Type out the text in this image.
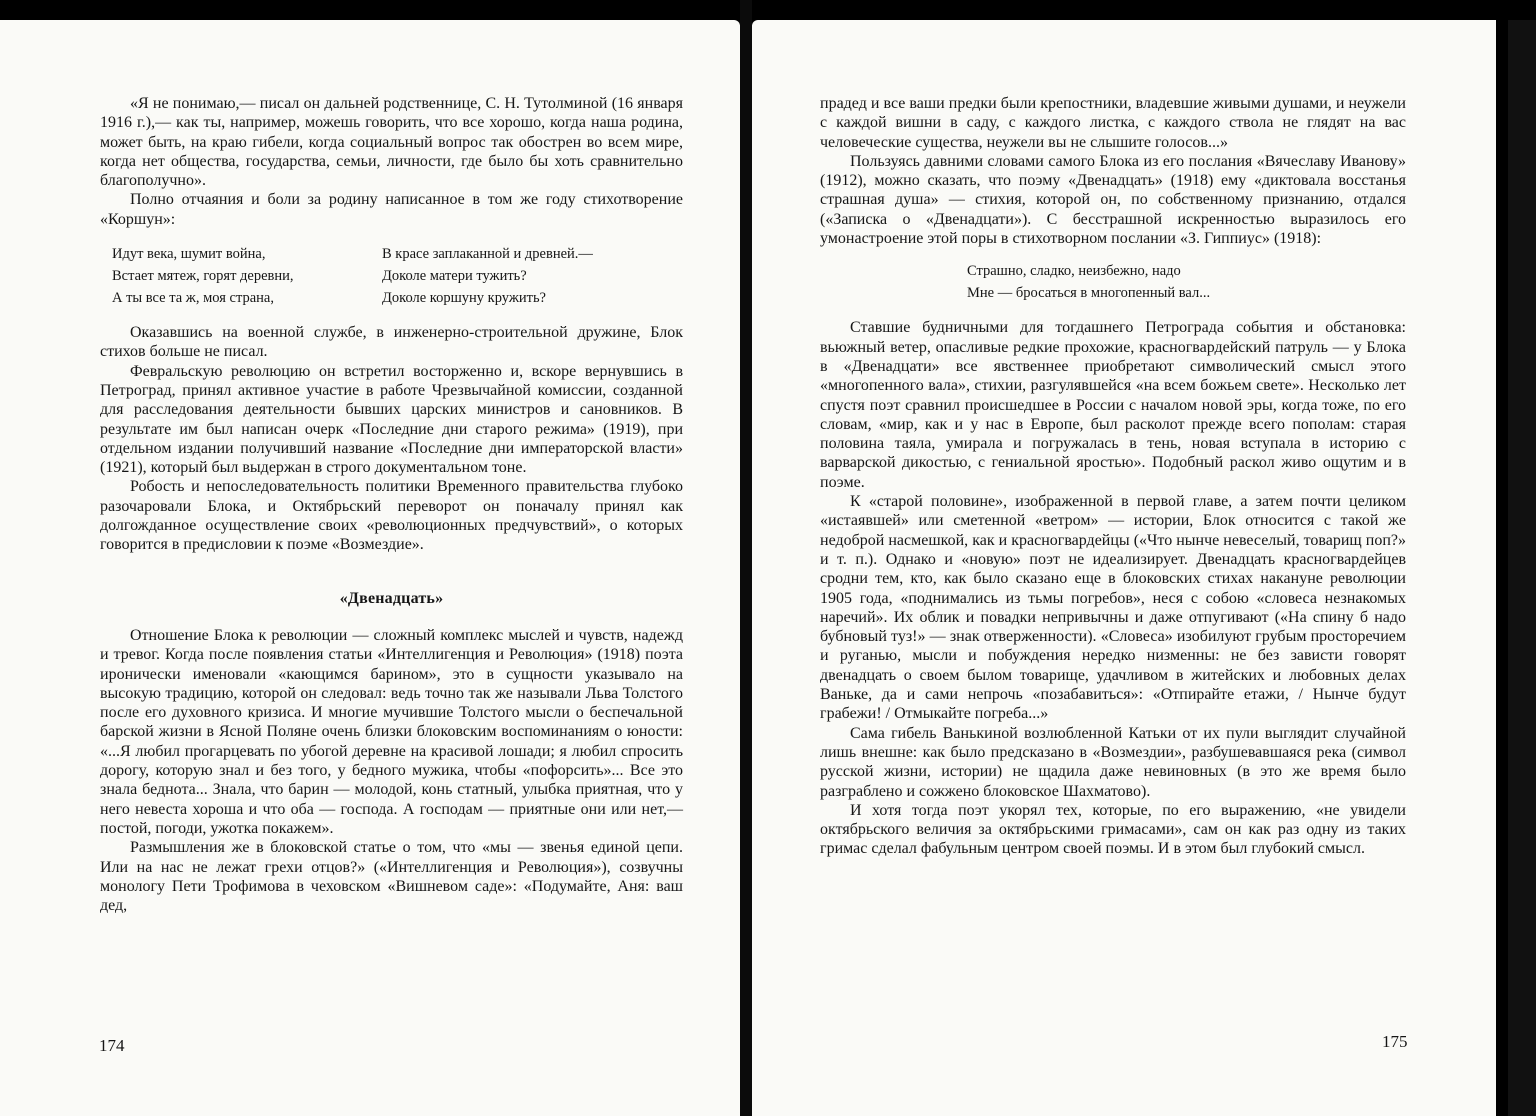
«Я не понимаю,— писал он дальней родственнице, С. Н. Тутолминой (16 января 1916 г.),— как ты, например, можешь говорить, что все хорошо, когда наша родина, может быть, на краю гибели, когда социальный вопрос так обострен во всем мире, когда нет общества, государства, семьи, личности, где было бы хоть сравнительно благополучно».

Полно отчаяния и боли за родину написанное в том же году стихотворение «Коршун»:

Идут века, шумит война,	В красе заплаканной и древней.—
Встает мятеж, горят деревни,	Доколе матери тужить?
А ты все та ж, моя страна,	Доколе коршуну кружить?

Оказавшись на военной службе, в инженерно-строительной дружине, Блок стихов больше не писал.

Февральскую революцию он встретил восторженно и, вскоре вернувшись в Петроград, принял активное участие в работе Чрезвычайной комиссии, созданной для расследования деятельности бывших царских министров и сановников. В результате им был написан очерк «Последние дни старого режима» (1919), при отдельном издании получивший название «Последние дни императорской власти» (1921), который был выдержан в строго документальном тоне.

Робость и непоследовательность политики Временного правительства глубоко разочаровали Блока, и Октябрьский переворот он поначалу принял как долгожданное осуществление своих «революционных предчувствий», о которых говорится в предисловии к поэме «Возмездие».

«Двенадцать»

Отношение Блока к революции — сложный комплекс мыслей и чувств, надежд и тревог. Когда после появления статьи «Интеллигенция и Революция» (1918) поэта иронически именовали «кающимся барином», это в сущности указывало на высокую традицию, которой он следовал: ведь точно так же называли Льва Толстого после его духовного кризиса. И многие мучившие Толстого мысли о беспечальной барской жизни в Ясной Поляне очень близки блоковским воспоминаниям о юности: «...Я любил прогарцевать по убогой деревне на красивой лошади; я любил спросить дорогу, которую знал и без того, у бедного мужика, чтобы «пофорсить»... Все это знала беднота... Знала, что барин — молодой, конь статный, улыбка приятная, что у него невеста хороша и что оба — господа. А господам — приятные они или нет,— постой, погоди, ужотка покажем».

Размышления же в блоковской статье о том, что «мы — звенья единой цепи. Или на нас не лежат грехи отцов?» («Интеллигенция и Революция»), созвучны монологу Пети Трофимова в чеховском «Вишневом саде»: «Подумайте, Аня: ваш дед,

174

прадед и все ваши предки были крепостники, владевшие живыми душами, и неужели с каждой вишни в саду, с каждого листка, с каждого ствола не глядят на вас человеческие существа, неужели вы не слышите голосов...»

Пользуясь давними словами самого Блока из его послания «Вячеславу Иванову» (1912), можно сказать, что поэму «Двенадцать» (1918) ему «диктовала восстанья страшная душа» — стихия, которой он, по собственному признанию, отдался («Записка о «Двенадцати»). С бесстрашной искренностью выразилось его умонастроение этой поры в стихотворном послании «З. Гиппиус» (1918):

Страшно, сладко, неизбежно, надо
Мне — бросаться в многопенный вал...

Ставшие будничными для тогдашнего Петрограда события и обстановка: вьюжный ветер, опасливые редкие прохожие, красногвардейский патруль — у Блока в «Двенадцати» все явственнее приобретают символический смысл этого «многопенного вала», стихии, разгулявшейся «на всем божьем свете». Несколько лет спустя поэт сравнил происшедшее в России с началом новой эры, когда тоже, по его словам, «мир, как и у нас в Европе, был расколот прежде всего пополам: старая половина таяла, умирала и погружалась в тень, новая вступала в историю с варварской дикостью, с гениальной яростью». Подобный раскол живо ощутим и в поэме.

К «старой половине», изображенной в первой главе, а затем почти целиком «истаявшей» или сметенной «ветром» — истории, Блок относится с такой же недоброй насмешкой, как и красногвардейцы («Что нынче невеселый, товарищ поп?» и т. п.). Однако и «новую» поэт не идеализирует. Двенадцать красногвардейцев сродни тем, кто, как было сказано еще в блоковских стихах накануне революции 1905 года, «поднимались из тьмы погребов», неся с собою «словеса незнакомых наречий». Их облик и повадки непривычны и даже отпугивают («На спину б надо бубновый туз!» — знак отверженности). «Словеса» изобилуют грубым просторечием и руганью, мысли и побуждения нередко низменны: не без зависти говорят двенадцать о своем былом товарище, удачливом в житейских и любовных делах Ваньке, да и сами непрочь «позабавиться»: «Отпирайте етажи, / Нынче будут грабежи! / Отмыкайте погреба...»

Сама гибель Ванькиной возлюбленной Катьки от их пули выглядит случайной лишь внешне: как было предсказано в «Возмездии», разбушевавшаяся река (символ русской жизни, истории) не щадила даже невиновных (в это же время было разграблено и сожжено блоковское Шахматово).

И хотя тогда поэт укорял тех, которые, по его выражению, «не увидели октябрьского величия за октябрьскими гримасами», сам он как раз одну из таких гримас сделал фабульным центром своей поэмы. И в этом был глубокий смысл.

175
